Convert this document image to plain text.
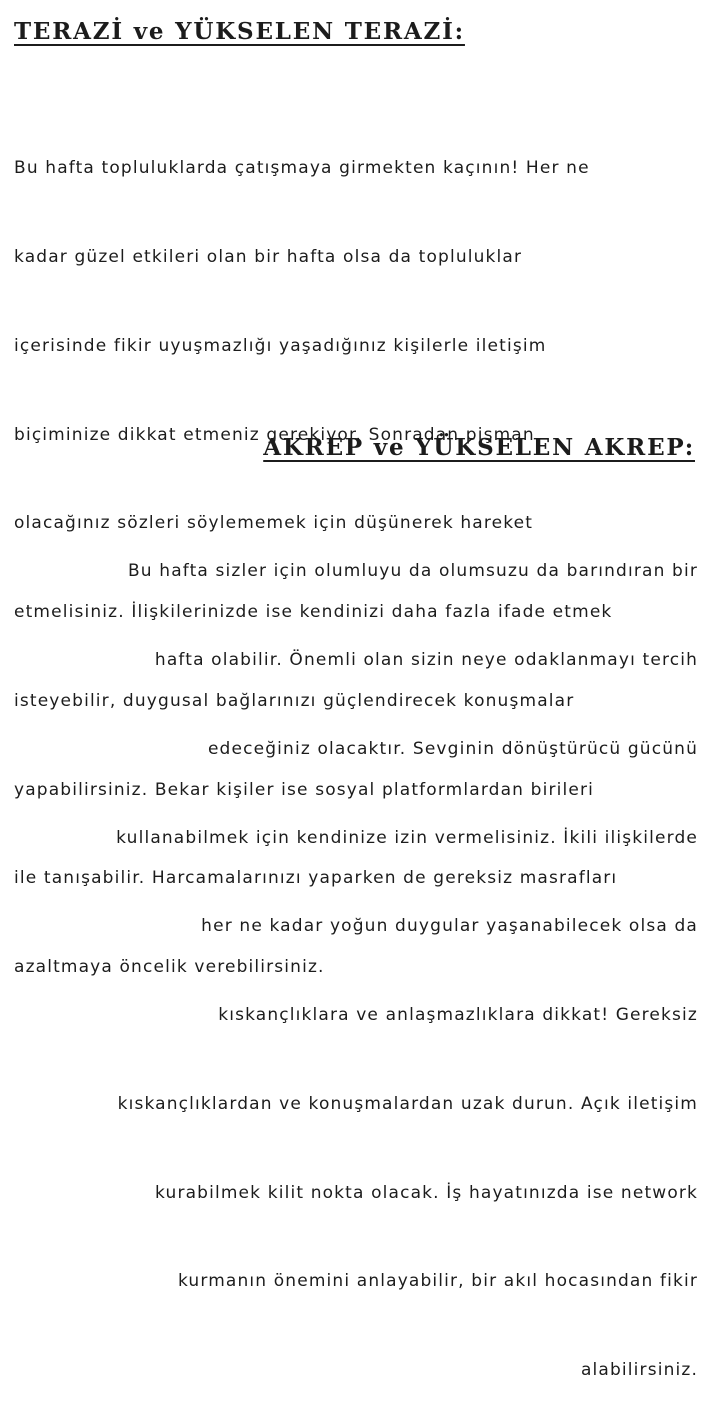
TERAZİ ve YÜKSELEN TERAZİ:

Bu hafta topluluklarda çatışmaya girmekten kaçının! Her ne

kadar güzel etkileri olan bir hafta olsa da topluluklar

içerisinde fikir uyuşmazlığı yaşadığınız kişilerle iletişim

biçiminize dikkat etmeniz gerekiyor. Sonradan pişman

olacağınız sözleri söylememek için düşünerek hareket

etmelisiniz. İlişkilerinizde ise kendinizi daha fazla ifade etmek

isteyebilir, duygusal bağlarınızı güçlendirecek konuşmalar

yapabilirsiniz. Bekar kişiler ise sosyal platformlardan birileri

ile tanışabilir. Harcamalarınızı yaparken de gereksiz masrafları

azaltmaya öncelik verebilirsiniz.

AKREP ve YÜKSELEN AKREP:

Bu hafta sizler için olumluyu da olumsuzu da barındıran bir

hafta olabilir. Önemli olan sizin neye odaklanmayı tercih

edeceğiniz olacaktır. Sevginin dönüştürücü gücünü

kullanabilmek için kendinize izin vermelisiniz. İkili ilişkilerde

her ne kadar yoğun duygular yaşanabilecek olsa da

kıskançlıklara ve anlaşmazlıklara dikkat! Gereksiz

kıskançlıklardan ve konuşmalardan uzak durun. Açık iletişim

kurabilmek kilit nokta olacak. İş hayatınızda ise network

kurmanın önemini anlayabilir, bir akıl hocasından fikir

alabilirsiniz.
